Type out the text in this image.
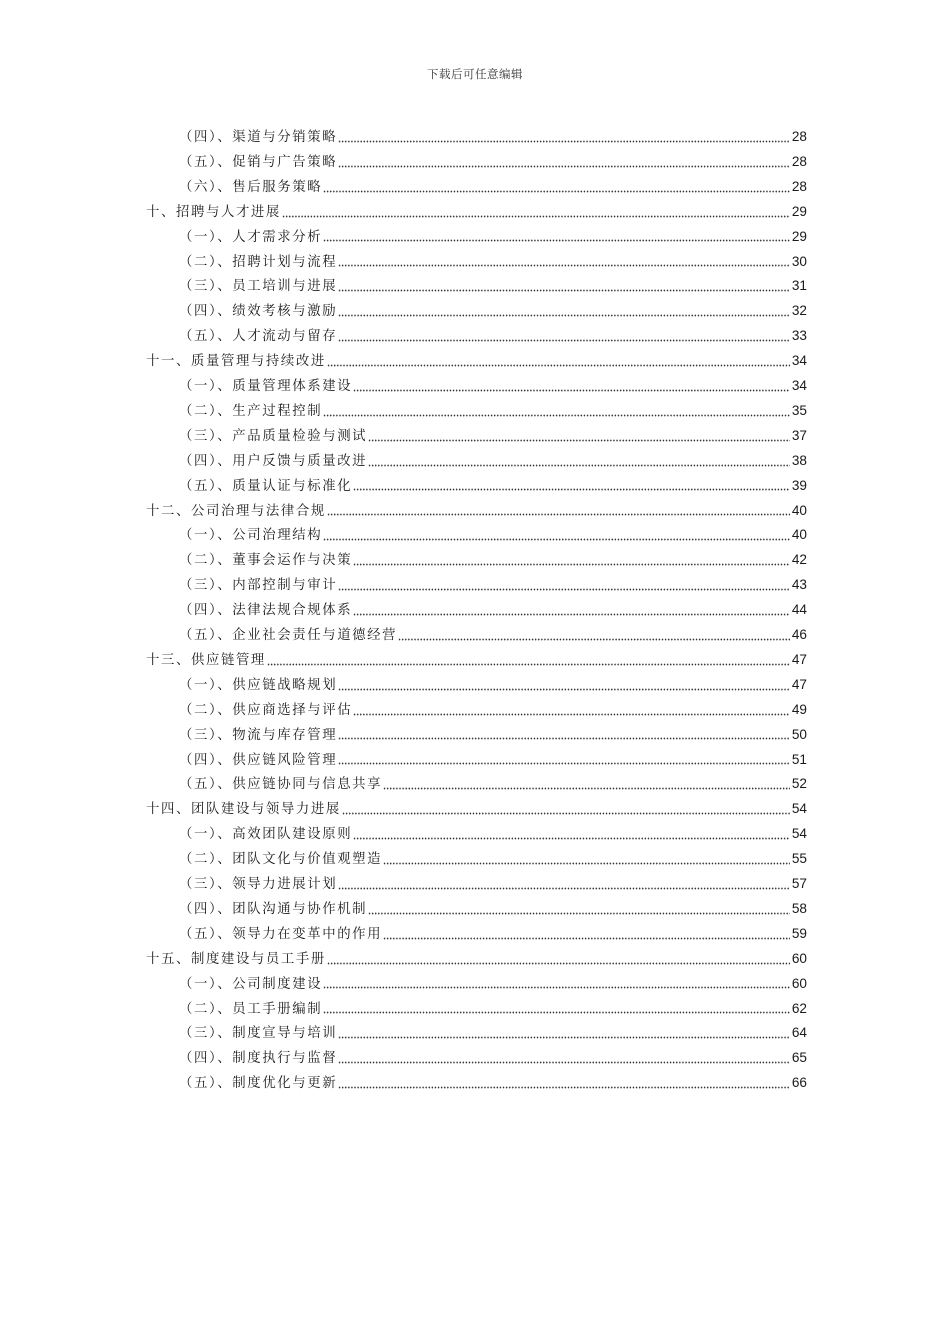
下载后可任意编辑
（四）、渠道与分销策略	28
（五）、促销与广告策略	28
（六）、售后服务策略	28
十、招聘与人才进展	29
（一）、人才需求分析	29
（二）、招聘计划与流程	30
（三）、员工培训与进展	31
（四）、绩效考核与激励	32
（五）、人才流动与留存	33
十一、质量管理与持续改进	34
（一）、质量管理体系建设	34
（二）、生产过程控制	35
（三）、产品质量检验与测试	37
（四）、用户反馈与质量改进	38
（五）、质量认证与标准化	39
十二、公司治理与法律合规	40
（一）、公司治理结构	40
（二）、董事会运作与决策	42
（三）、内部控制与审计	43
（四）、法律法规合规体系	44
（五）、企业社会责任与道德经营	46
十三、供应链管理	47
（一）、供应链战略规划	47
（二）、供应商选择与评估	49
（三）、物流与库存管理	50
（四）、供应链风险管理	51
（五）、供应链协同与信息共享	52
十四、团队建设与领导力进展	54
（一）、高效团队建设原则	54
（二）、团队文化与价值观塑造	55
（三）、领导力进展计划	57
（四）、团队沟通与协作机制	58
（五）、领导力在变革中的作用	59
十五、制度建设与员工手册	60
（一）、公司制度建设	60
（二）、员工手册编制	62
（三）、制度宣导与培训	64
（四）、制度执行与监督	65
（五）、制度优化与更新	66
